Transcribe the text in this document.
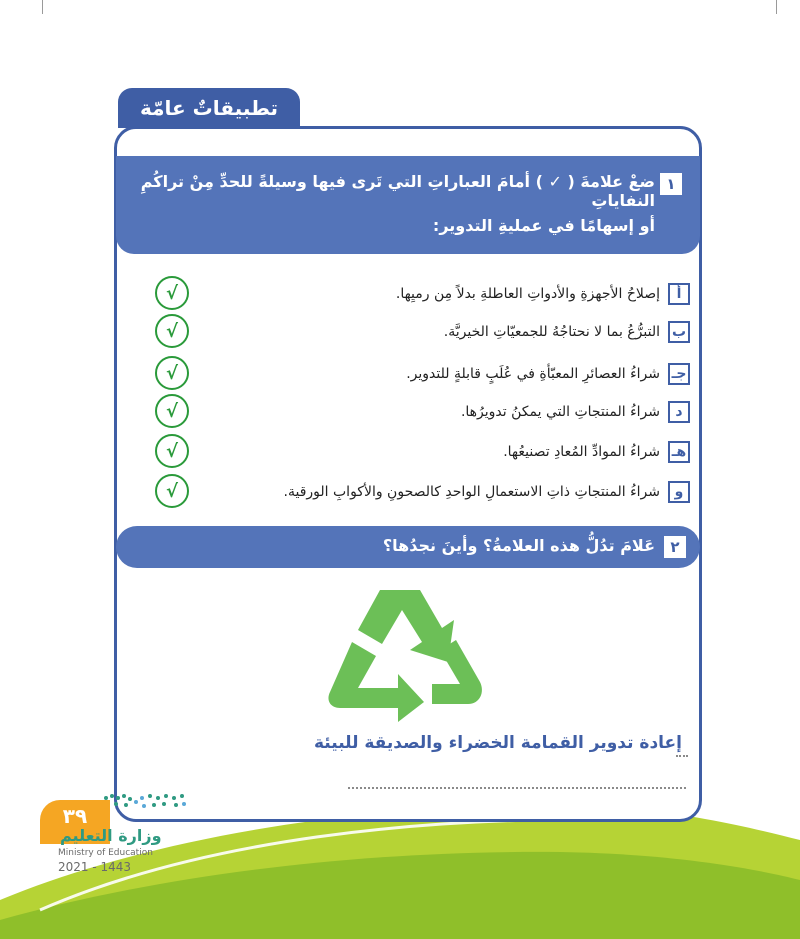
تطبيقاتٌ عامّة
١
ضعْ علامةَ ( ✓ ) أمامَ العباراتِ التي تَرى فيها وسيلةً للحدِّ مِنْ تراكُمِ النفاياتِ
أو إسهامًا في عمليةِ التدوير:
أ
إصلاحُ الأجهزةِ والأدواتِ العاطلةِ بدلاً مِن رميِها.
ب
التبرُّعُ بما لا نحتاجُهُ للجمعيّاتِ الخيريَّة.
جـ
شراءُ العصائرِ المعبّأةِ في عُلَبٍ قابلةٍ للتدوير.
د
شراءُ المنتجاتِ التي يمكنُ تدويرُها.
هـ
شراءُ الموادِّ المُعادِ تصنيعُها.
و
شراءُ المنتجاتِ ذاتِ الاستعمالِ الواحدِ كالصحونِ والأكوابِ الورقية.
√
√
√
√
√
√
٢
عَلامَ تدُلُّ هذه العلامةُ؟ وأينَ نجدُها؟
إعادة تدوير القمامة الخضراء والصديقة للبيئة
٣٩
وزارة التعليم
Ministry of Education
2021 - 1443
